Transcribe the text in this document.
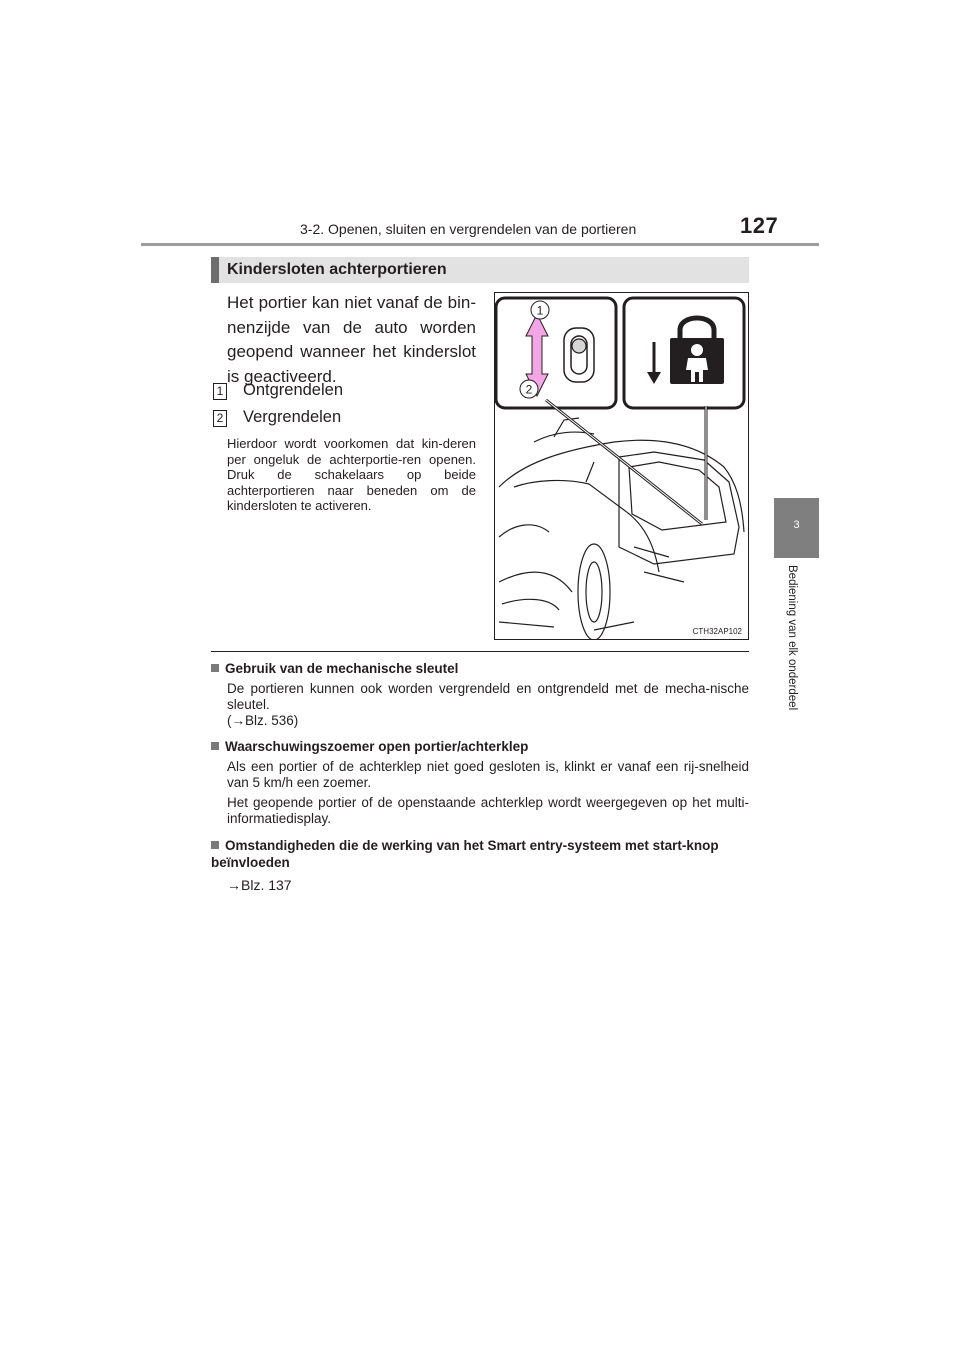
3-2. Openen, sluiten en vergrendelen van de portieren	127
3
Bediening van elk onderdeel
Kindersloten achterportieren
Het portier kan niet vanaf de bin-nenzijde van de auto worden geopend wanneer het kinderslot is geactiveerd.
1 Ontgrendelen
2 Vergrendelen
Hierdoor wordt voorkomen dat kin-deren per ongeluk de achterportie-ren openen. Druk de schakelaars op beide achterportieren naar beneden om de kindersloten te activeren.
1
2
CTH32AP102
Gebruik van de mechanische sleutel
De portieren kunnen ook worden vergrendeld en ontgrendeld met de mecha-nische sleutel.
(→Blz. 536)
Waarschuwingszoemer open portier/achterklep
Als een portier of de achterklep niet goed gesloten is, klinkt er vanaf een rij-snelheid van 5 km/h een zoemer.
Het geopende portier of de openstaande achterklep wordt weergegeven op het multi-informatiedisplay.
Omstandigheden die de werking van het Smart entry-systeem met start-knop beïnvloeden
→Blz. 137
